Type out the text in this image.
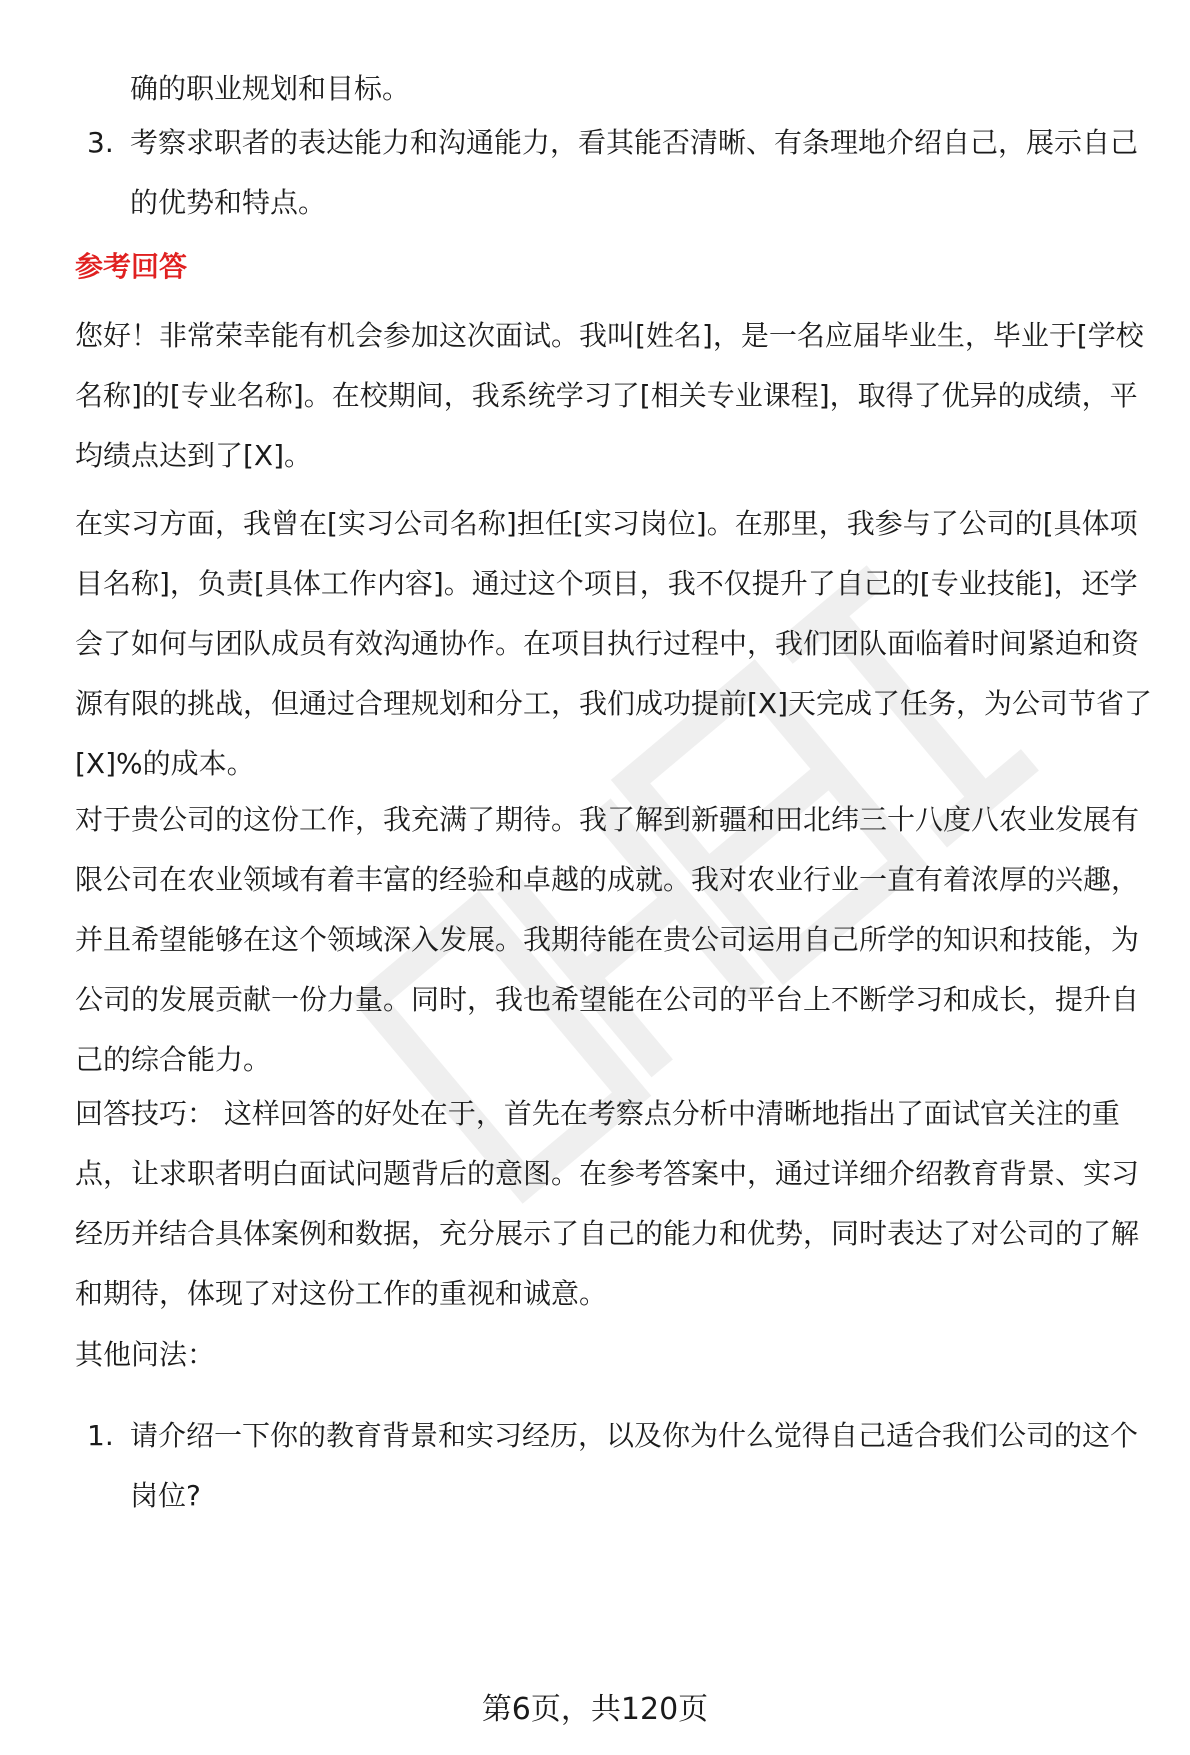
确的职业规划和目标。
3. 考察求职者的表达能力和沟通能力，看其能否清晰、有条理地介绍自己，展示自己的优势和特点。
参考回答

您好！非常荣幸能有机会参加这次面试。我叫[姓名]，是一名应届毕业生，毕业于[学校名称]的[专业名称]。在校期间，我系统学习了[相关专业课程]，取得了优异的成绩，平均绩点达到了[X]。

在实习方面，我曾在[实习公司名称]担任[实习岗位]。在那里，我参与了公司的[具体项目名称]，负责[具体工作内容]。通过这个项目，我不仅提升了自己的[专业技能]，还学会了如何与团队成员有效沟通协作。在项目执行过程中，我们团队面临着时间紧迫和资源有限的挑战，但通过合理规划和分工，我们成功提前[X]天完成了任务，为公司节省了[X]%的成本。

对于贵公司的这份工作，我充满了期待。我了解到新疆和田北纬三十八度八农业发展有限公司在农业领域有着丰富的经验和卓越的成就。我对农业行业一直有着浓厚的兴趣，并且希望能够在这个领域深入发展。我期待能在贵公司运用自己所学的知识和技能，为公司的发展贡献一份力量。同时，我也希望能在公司的平台上不断学习和成长，提升自己的综合能力。

回答技巧： 这样回答的好处在于，首先在考察点分析中清晰地指出了面试官关注的重点，让求职者明白面试问题背后的意图。在参考答案中，通过详细介绍教育背景、实习经历并结合具体案例和数据，充分展示了自己的能力和优势，同时表达了对公司的了解和期待，体现了对这份工作的重视和诚意。

其他问法：
1. 请介绍一下你的教育背景和实习经历，以及你为什么觉得自己适合我们公司的这个岗位?
第6页，共120页
